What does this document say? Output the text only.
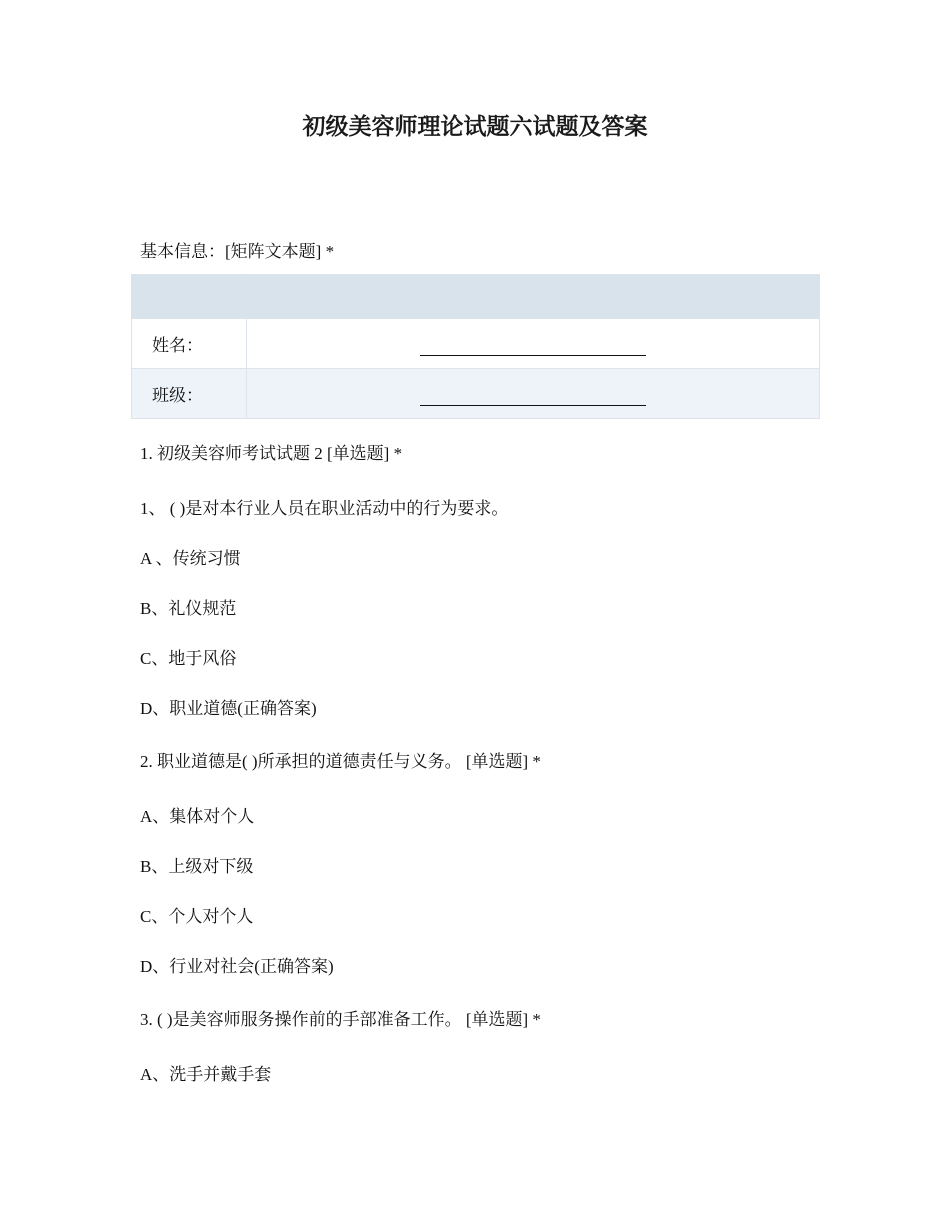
初级美容师理论试题六试题及答案
基本信息：[矩阵文本题] *

姓名：	
班级：	
1. 初级美容师考试试题 2 [单选题] *
1、 ( )是对本行业人员在职业活动中的行为要求。
A 、传统习惯
B、礼仪规范
C、地于风俗
D、职业道德(正确答案)
2. 职业道德是( )所承担的道德责任与义务。 [单选题] *
A、集体对个人
B、上级对下级
C、个人对个人
D、行业对社会(正确答案)
3. ( )是美容师服务操作前的手部准备工作。 [单选题] *
A、洗手并戴手套
